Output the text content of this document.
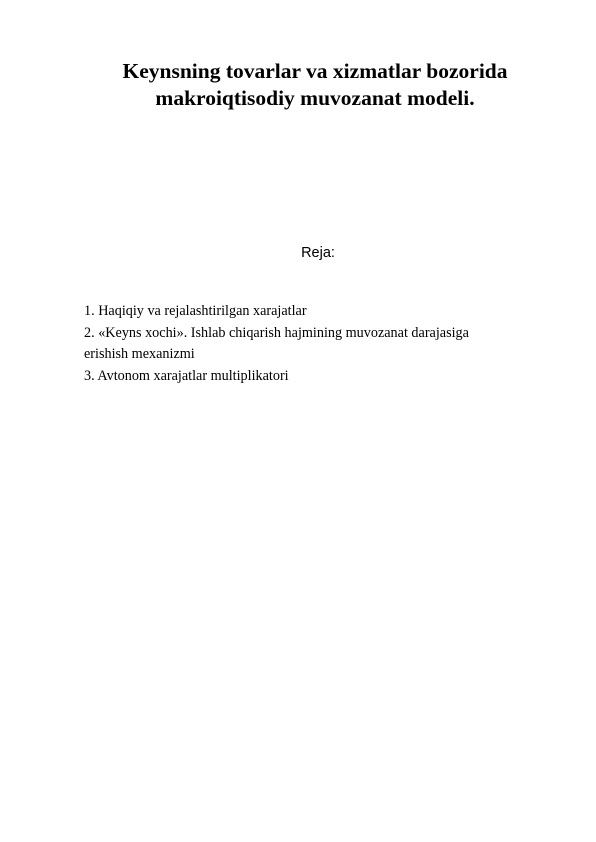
Keynsning tovarlar va xizmatlar bozorida
makroiqtisodiy muvozanat modeli.

Reja:

1. Haqiqiy va rejalashtirilgan xarajatlar
2. «Keyns xochi». Ishlab chiqarish hajmining muvozanat darajasiga
erishish mexanizmi
3. Avtonom xarajatlar multiplikatori
